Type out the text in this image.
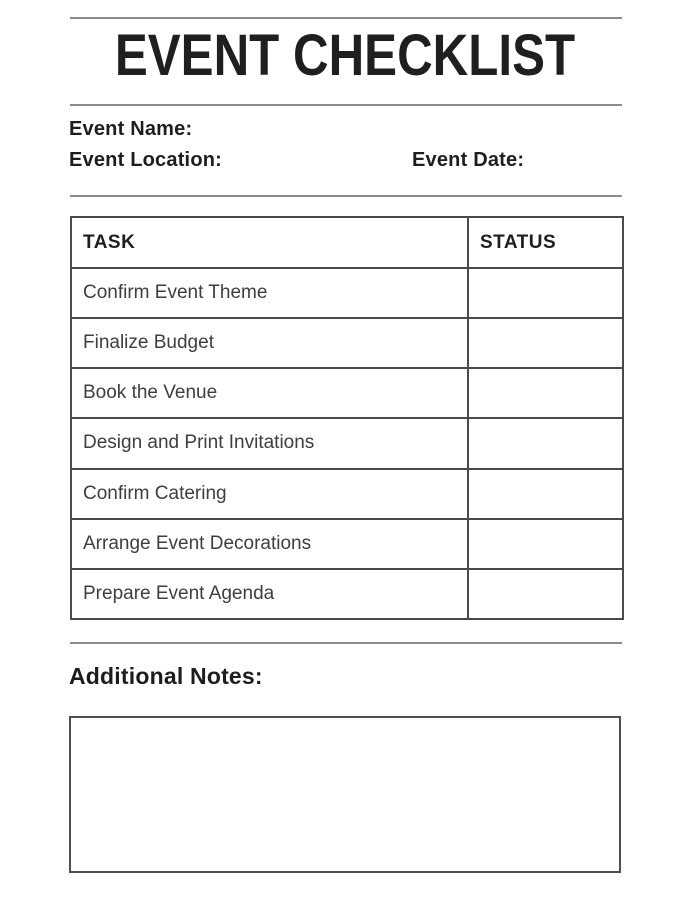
EVENT CHECKLIST
Event Name:
Event Location:	Event Date:
TASK	STATUS
Confirm Event Theme	
Finalize Budget	
Book the Venue	
Design and Print Invitations	
Confirm Catering	
Arrange Event Decorations	
Prepare Event Agenda	
Additional Notes:
